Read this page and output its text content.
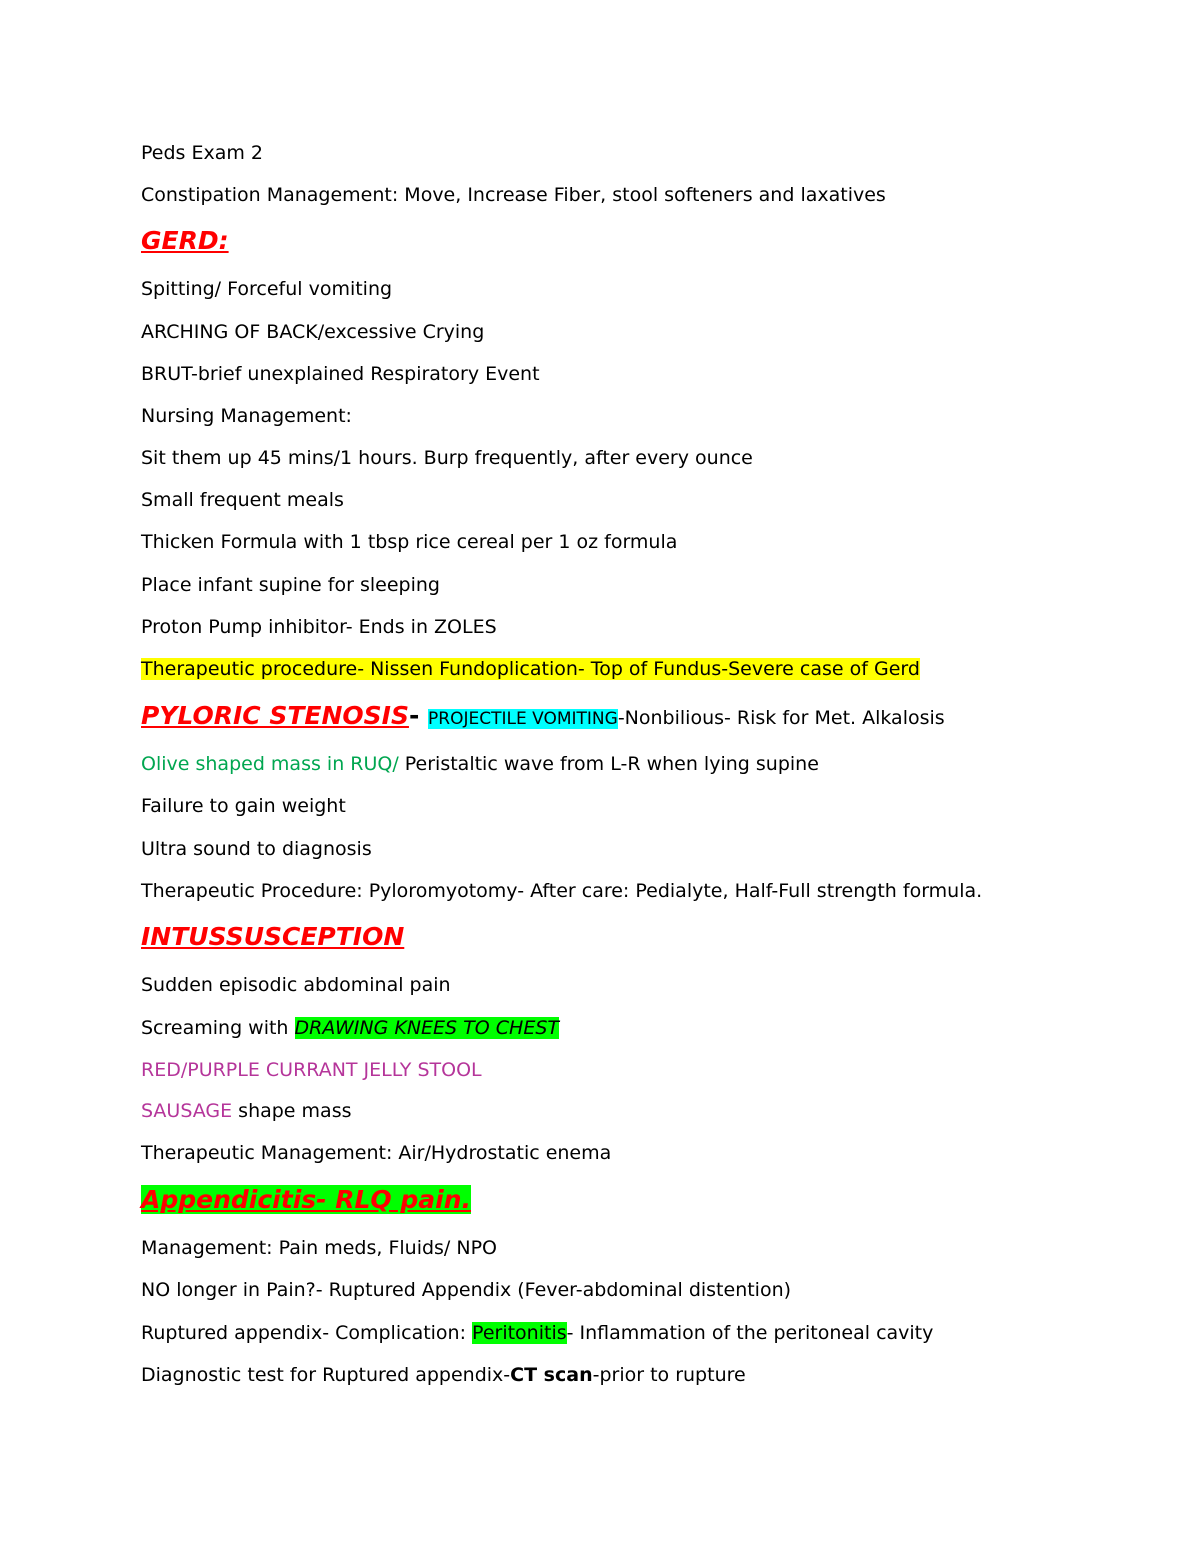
Peds Exam 2
Constipation Management: Move, Increase Fiber, stool softeners and laxatives
GERD:
Spitting/ Forceful vomiting
ARCHING OF BACK/excessive Crying
BRUT-brief unexplained Respiratory Event
Nursing Management:
Sit them up 45 mins/1 hours. Burp frequently, after every ounce
Small frequent meals
Thicken Formula with 1 tbsp rice cereal per 1 oz formula
Place infant supine for sleeping
Proton Pump inhibitor- Ends in ZOLES
Therapeutic procedure- Nissen Fundoplication- Top of Fundus-Severe case of Gerd
PYLORIC STENOSIS- PROJECTILE VOMITING-Nonbilious- Risk for Met. Alkalosis
Olive shaped mass in RUQ/ Peristaltic wave from L-R when lying supine
Failure to gain weight
Ultra sound to diagnosis
Therapeutic Procedure: Pyloromyotomy- After care: Pedialyte, Half-Full strength formula.
INTUSSUSCEPTION
Sudden episodic abdominal pain
Screaming with DRAWING KNEES TO CHEST
RED/PURPLE CURRANT JELLY STOOL
SAUSAGE shape mass
Therapeutic Management: Air/Hydrostatic enema
Appendicitis- RLQ pain.
Management: Pain meds, Fluids/ NPO
NO longer in Pain?- Ruptured Appendix (Fever-abdominal distention)
Ruptured appendix- Complication: Peritonitis- Inflammation of the peritoneal cavity
Diagnostic test for Ruptured appendix-CT scan-prior to rupture
